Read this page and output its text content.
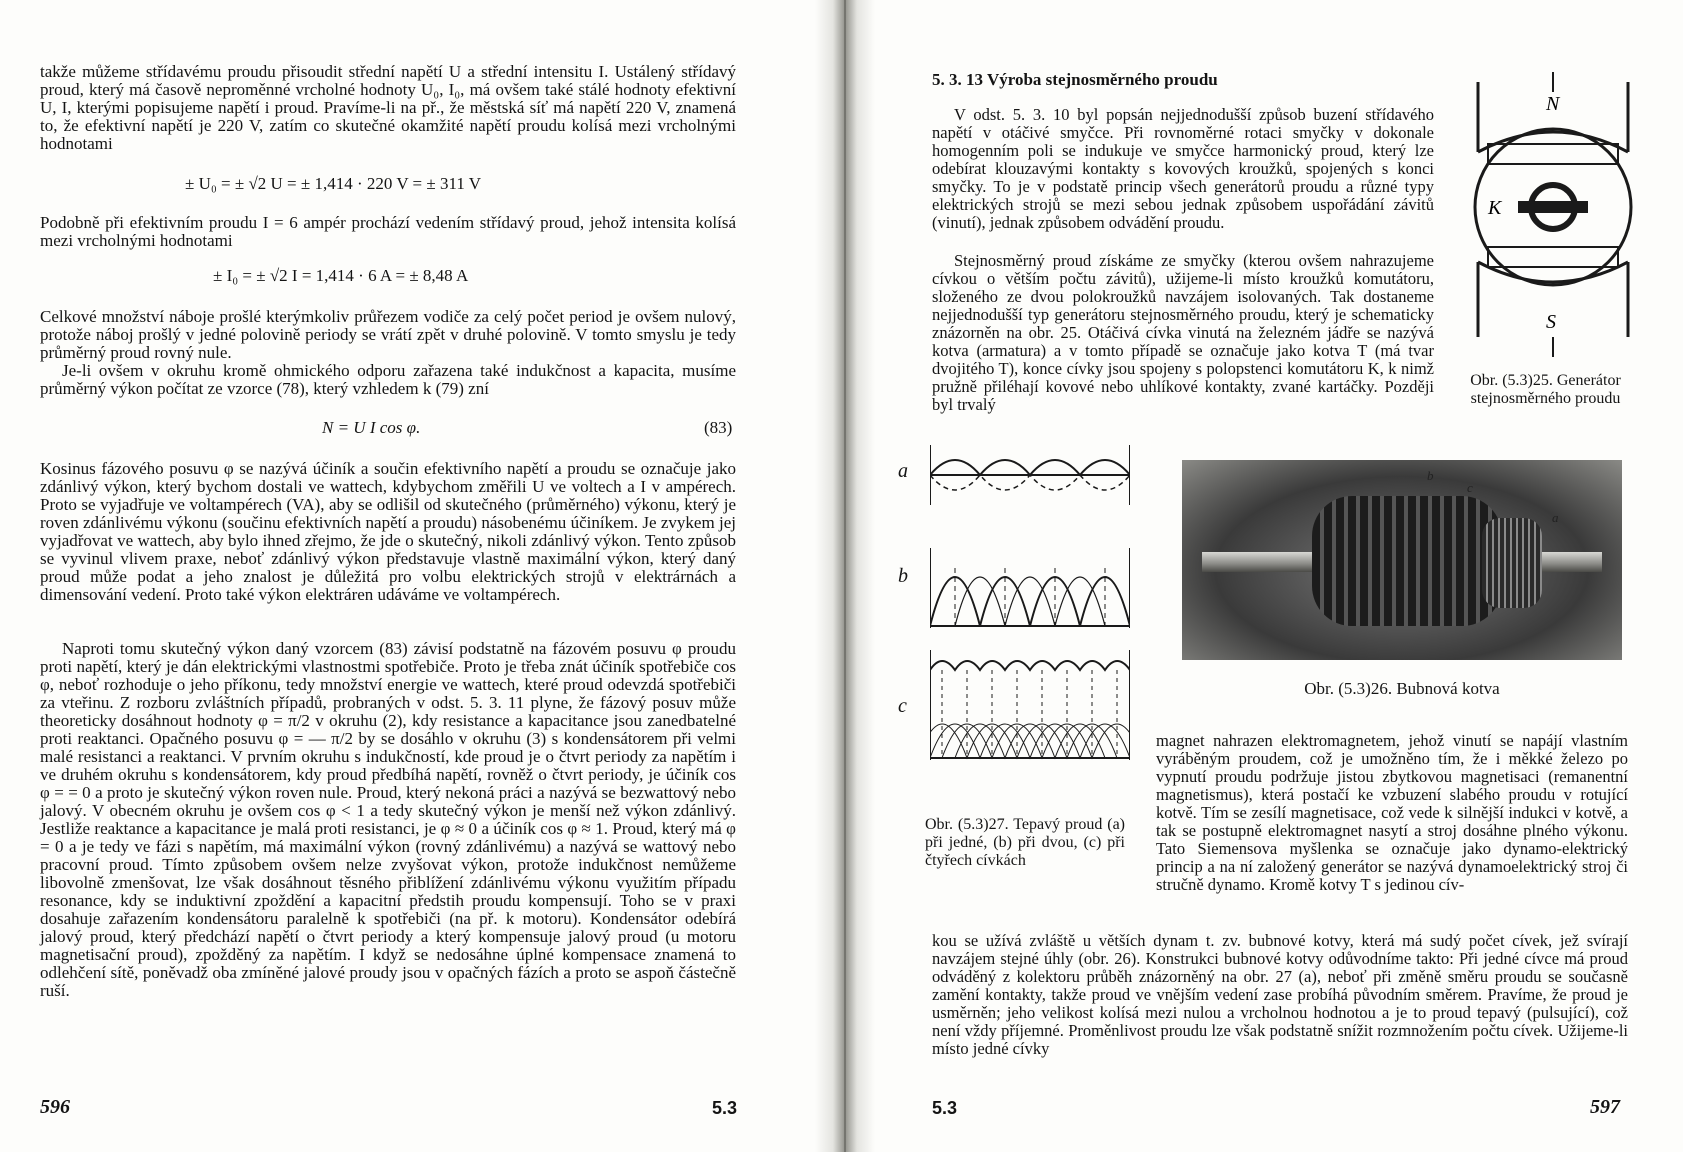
takže můžeme střídavému proudu přisoudit střední napětí U a střední intensitu I. Ustálený střídavý proud, který má časově neproměnné vrcholné hodnoty U₀, I₀, má ovšem také stálé hodnoty efektivní U, I, kterými popisujeme napětí i proud. Pravíme-li na př., že městská síť má napětí 220 V, znamená to, že efektivní napětí je 220 V, zatím co skutečné okamžité napětí proudu kolísá mezi vrcholnými hodnotami

± U₀ = ± √2 U = ± 1,414 · 220 V = ± 311 V

Podobně při efektivním proudu I = 6 ampér prochází vedením střídavý proud, jehož intensita kolísá mezi vrcholnými hodnotami

± I₀ = ± √2 I = 1,414 · 6 A = ± 8,48 A

Celkové množství náboje prošlé kterýmkoliv průřezem vodiče za celý počet period je ovšem nulový, protože náboj prošlý v jedné polovině periody se vrátí zpět v druhé polovině. V tomto smyslu je tedy průměrný proud rovný nule.

Je-li ovšem v okruhu kromě ohmického odporu zařazena také indukčnost a kapacita, musíme průměrný výkon počítat ze vzorce (78), který vzhledem k (79) zní

N = U I cos φ.	(83)

Kosinus fázového posuvu φ se nazývá účiník a součin efektivního napětí a proudu se označuje jako zdánlivý výkon, který bychom dostali ve wattech, kdybychom změřili U ve voltech a I v ampérech. Proto se vyjadřuje ve voltampérech (VA), aby se odlišil od skutečného (průměrného) výkonu, který je roven zdánlivému výkonu (součinu efektivních napětí a proudu) násobenému účiníkem. Je zvykem jej vyjadřovat ve wattech, aby bylo ihned zřejmo, že jde o skutečný, nikoli zdánlivý výkon. Tento způsob se vyvinul vlivem praxe, neboť zdánlivý výkon představuje vlastně maximální výkon, který daný proud může podat a jeho znalost je důležitá pro volbu elektrických strojů v elektrárnách a dimensování vedení. Proto také výkon elektráren udáváme ve voltampérech.

Naproti tomu skutečný výkon daný vzorcem (83) závisí podstatně na fázovém posuvu φ proudu proti napětí, který je dán elektrickými vlastnostmi spotřebiče. Proto je třeba znát účiník spotřebiče cos φ, neboť rozhoduje o jeho příkonu, tedy množství energie ve wattech, které proud odevzdá spotřebiči za vteřinu. Z rozboru zvláštních případů, probraných v odst. 5. 3. 11 plyne, že fázový posuv může theoreticky dosáhnout hodnoty φ = π/2 v okruhu (2), kdy resistance a kapacitance jsou zanedbatelné proti reaktanci. Opačného posuvu φ = — π/2 by se dosáhlo v okruhu (3) s kondensátorem při velmi malé resistanci a reaktanci. V prvním okruhu s indukčností, kde proud je o čtvrt periody za napětím i ve druhém okruhu s kondensátorem, kdy proud předbíhá napětí, rovněž o čtvrt periody, je účiník cos φ = = 0 a proto je skutečný výkon roven nule. Proud, který nekoná práci a nazývá se bezwattový nebo jalový. V obecném okruhu je ovšem cos φ < 1 a tedy skutečný výkon je menší než výkon zdánlivý. Jestliže reaktance a kapacitance je malá proti resistanci, je φ ≈ 0 a účiník cos φ ≈ 1. Proud, který má φ = 0 a je tedy ve fázi s napětím, má maximální výkon (rovný zdánlivému) a nazývá se wattový nebo pracovní proud. Tímto způsobem ovšem nelze zvyšovat výkon, protože indukčnost nemůžeme libovolně zmenšovat, lze však dosáhnout těsného přiblížení zdánlivému výkonu využitím případu resonance, kdy se induktivní zpoždění a kapacitní předstih proudu kompensují. Toho se v praxi dosahuje zařazením kondensátoru paralelně k spotřebiči (na př. k motoru). Kondensátor odebírá jalový proud, který předchází napětí o čtvrt periody a který kompensuje jalový proud (u motoru magnetisační proud), zpožděný za napětím. I když se nedosáhne úplné kompensace znamená to odlehčení sítě, poněvadž oba zmíněné jalové proudy jsou v opačných fázích a proto se aspoň částečně ruší.

596	5.3
5. 3. 13 Výroba stejnosměrného proudu

V odst. 5. 3. 10 byl popsán nejjednodušší způsob buzení střídavého napětí v otáčivé smyčce. Při rovnoměrné rotaci smyčky v dokonale homogenním poli se indukuje ve smyčce harmonický proud, který lze odebírat klouzavými kontakty s kovových kroužků, spojených s konci smyčky. To je v podstatě princip všech generátorů proudu a různé typy elektrických strojů se mezi sebou jednak způsobem uspořádání závitů (vinutí), jednak způsobem odvádění proudu.

Stejnosměrný proud získáme ze smyčky (kterou ovšem nahrazujeme cívkou o větším počtu závitů), užijeme-li místo kroužků komutátoru, složeného ze dvou polokroužků navzájem isolovaných. Tak dostaneme nejjednodušší typ generátoru stejnosměrného proudu, který je schematicky znázorněn na obr. 25. Otáčivá cívka vinutá na železném jádře se nazývá kotva (armatura) a v tomto případě se označuje jako kotva T (má tvar dvojitého T), konce cívky jsou spojeny s polopstenci komutátoru K, k nimž pružně přiléhají kovové nebo uhlíkové kontakty, zvané kartáčky. Později byl trvalý

N
K
S
Obr. (5.3)25. Generátor stejnosměrného proudu
b
c
a
Obr. (5.3)26. Bubnová kotva
a
b
c
Obr. (5.3)27. Tepavý proud (a) při jedné, (b) při dvou, (c) při čtyřech cívkách

magnet nahrazen elektromagnetem, jehož vinutí se napájí vlastním vyráběným proudem, což je umožněno tím, že i měkké železo po vypnutí proudu podržuje jistou zbytkovou magnetisaci (remanentní magnetismus), která postačí ke vzbuzení slabého proudu v rotující kotvě. Tím se zesílí magnetisace, což vede k silnější indukci v kotvě, a tak se postupně elektromagnet nasytí a stroj dosáhne plného výkonu. Tato Siemensova myšlenka se označuje jako dynamo-elektrický princip a na ní založený generátor se nazývá dynamoelektrický stroj či stručně dynamo. Kromě kotvy T s jedinou cív-

kou se užívá zvláště u větších dynam t. zv. bubnové kotvy, která má sudý počet cívek, jež svírají navzájem stejné úhly (obr. 26). Konstrukci bubnové kotvy odůvodníme takto: Při jedné cívce má proud odváděný z kolektoru průběh znázorněný na obr. 27 (a), neboť při změně směru proudu se současně zamění kontakty, takže proud ve vnějším vedení zase probíhá původním směrem. Pravíme, že proud je usměrněn; jeho velikost kolísá mezi nulou a vrcholnou hodnotou a je to proud tepavý (pulsující), což není vždy příjemné. Proměnlivost proudu lze však podstatně snížit rozmnožením počtu cívek. Užijeme-li místo jedné cívky

5.3	597
